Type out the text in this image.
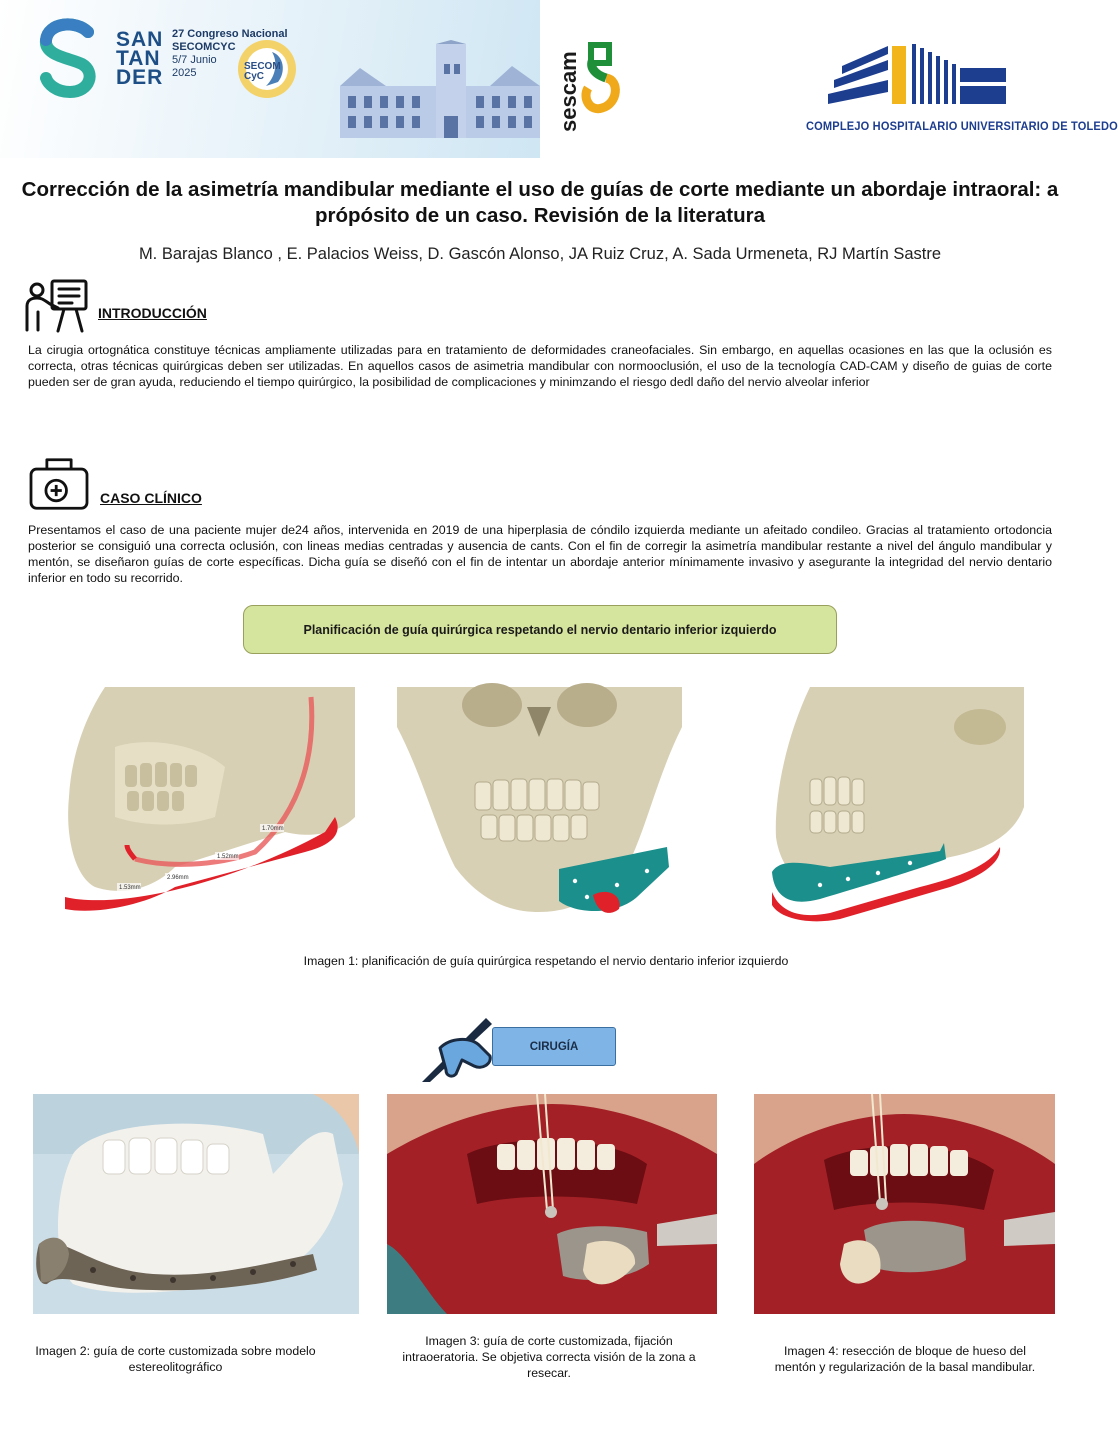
SAN
TAN
DER
27 Congreso Nacional
SECOMCYC
5/7 Junio
2025
SECOM CyC	sescam	COMPLEJO HOSPITALARIO UNIVERSITARIO DE TOLEDO
Corrección de la asimetría mandibular mediante el uso de guías de corte mediante un abordaje intraoral: a própósito de un caso. Revisión de la literatura
M. Barajas Blanco , E. Palacios Weiss, D. Gascón Alonso, JA Ruiz Cruz, A. Sada Urmeneta, RJ Martín Sastre
INTRODUCCIÓN
La cirugia ortognática constituye técnicas ampliamente utilizadas para en tratamiento de deformidades craneofaciales. Sin embargo, en aquellas ocasiones en las que la oclusión es correcta, otras técnicas quirúrgicas deben ser utilizadas. En aquellos casos de asimetria mandibular con normooclusión, el uso de la tecnología CAD-CAM y diseño de guias de corte pueden ser de gran ayuda, reduciendo el tiempo quirúrgico, la posibilidad de complicaciones y minimzando el riesgo dedl daño del nervio alveolar inferior
CASO CLÍNICO
Presentamos el caso de una paciente mujer de24 años, intervenida en 2019 de una hiperplasia de cóndilo izquierda mediante un afeitado condileo. Gracias al tratamiento ortodoncia posterior se consiguió una correcta oclusión, con lineas medias centradas y ausencia de cants. Con el fin de corregir la asimetría mandibular restante a nivel del ángulo mandibular y mentón, se diseñaron guías de corte específicas. Dicha guía se diseñó con el fin de intentar un abordaje anterior mínimamente invasivo y asegurante la integridad del nervio dentario inferior en todo su recorrido.
Planificación de guía quirúrgica respetando el nervio dentario inferior izquierdo
1.70mm
1.52mm
2.96mm
1.53mm
Imagen 1: planificación de guía quirúrgica respetando el nervio dentario inferior izquierdo
CIRUGÍA
Imagen 2: guía de corte customizada sobre modelo estereolitográfico
Imagen 3: guía de corte customizada, fijación intraoeratoria. Se objetiva correcta visión de la zona a resecar.
Imagen 4: resección de bloque de hueso del mentón y regularización de la basal mandibular.
